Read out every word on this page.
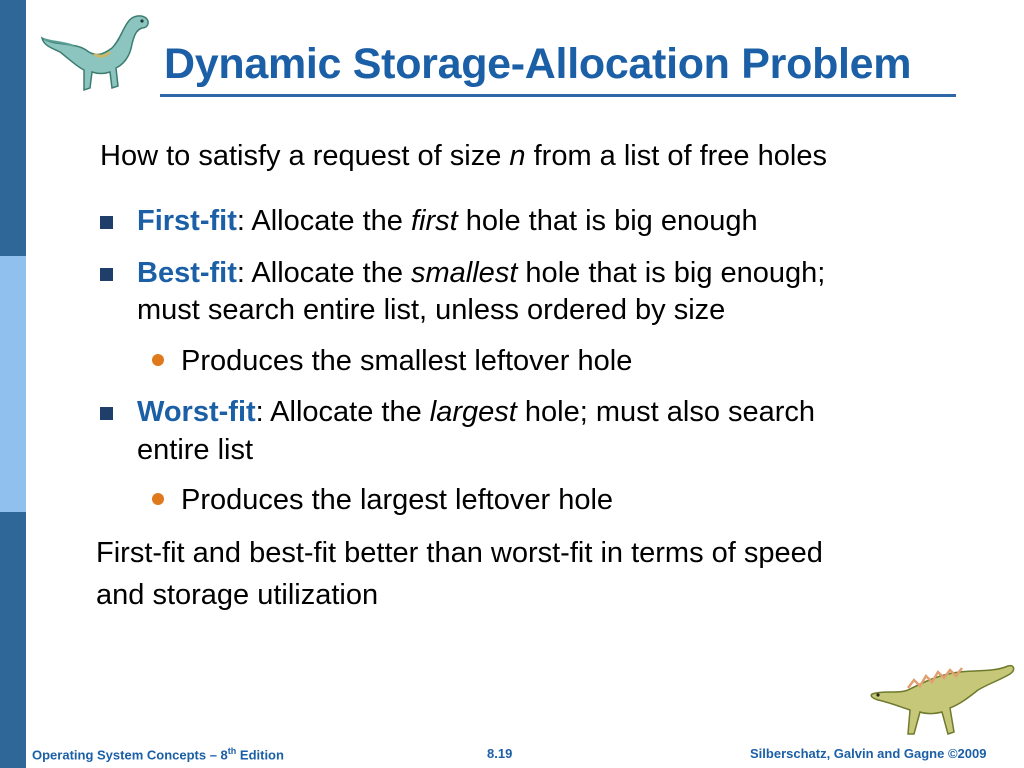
Dynamic Storage-Allocation Problem
How to satisfy a request of size n from a list of free holes
First-fit: Allocate the first hole that is big enough
Best-fit: Allocate the smallest hole that is big enough;
must search entire list, unless ordered by size
Produces the smallest leftover hole
Worst-fit: Allocate the largest hole; must also search
entire list
Produces the largest leftover hole
First-fit and best-fit better than worst-fit in terms of speed
and storage utilization
Operating System Concepts – 8th Edition	8.19	Silberschatz, Galvin and Gagne ©2009
